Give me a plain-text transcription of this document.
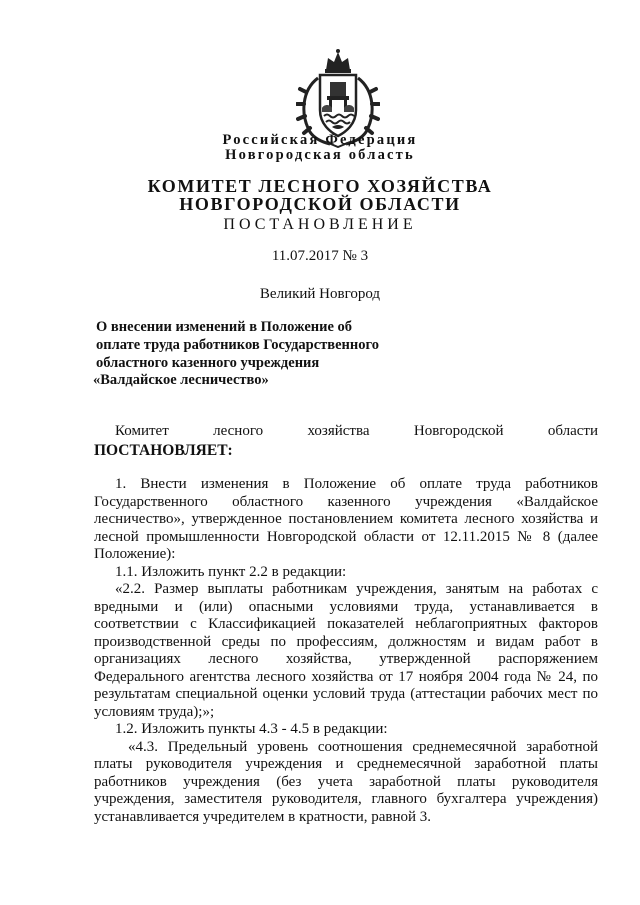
Российская Федерация
Новгородская область
КОМИТЕТ ЛЕСНОГО ХОЗЯЙСТВА
НОВГОРОДСКОЙ ОБЛАСТИ
ПОСТАНОВЛЕНИЕ
11.07.2017 № 3
Великий Новгород
О внесении изменений в Положение об
оплате труда работников Государственного
областного казенного учреждения
«Валдайское лесничество»
Комитет	лесного	хозяйства	Новгородской	области
ПОСТАНОВЛЯЕТ:
1. Внести изменения в Положение об оплате труда работников
Государственного областного казенного учреждения «Валдайское
лесничество», утвержденное постановлением комитета лесного хозяйства и
лесной промышленности Новгородской области от 12.11.2015 № 8 (далее
Положение):
1.1. Изложить пункт 2.2 в редакции:
«2.2. Размер выплаты работникам учреждения, занятым на работах с
вредными и (или) опасными условиями труда, устанавливается в
соответствии с Классификацией показателей неблагоприятных факторов
производственной среды по профессиям, должностям и видам работ в
организациях лесного хозяйства, утвержденной распоряжением
Федерального агентства лесного хозяйства от 17 ноября 2004 года № 24, по
результатам специальной оценки условий труда (аттестации рабочих мест по
условиям труда);»;
1.2. Изложить пункты 4.3 - 4.5 в редакции:
«4.3. Предельный уровень соотношения среднемесячной заработной
платы руководителя учреждения и среднемесячной заработной платы
работников учреждения (без учета заработной платы руководителя
учреждения, заместителя руководителя, главного бухгалтера учреждения)
устанавливается учредителем в кратности, равной 3.
